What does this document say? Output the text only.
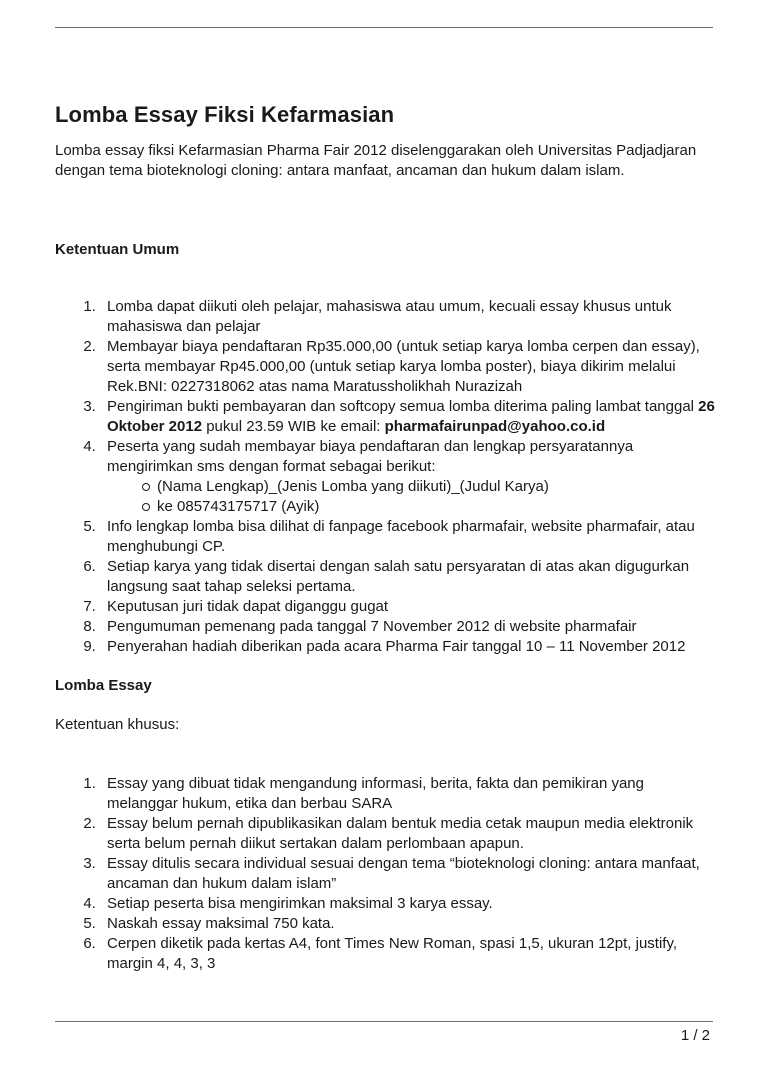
Lomba Essay Fiksi Kefarmasian

Lomba essay fiksi Kefarmasian Pharma Fair 2012 diselenggarakan oleh Universitas Padjadjaran dengan tema bioteknologi cloning: antara manfaat, ancaman dan hukum dalam islam.

Ketentuan Umum
1. Lomba dapat diikuti oleh pelajar, mahasiswa atau umum, kecuali essay khusus untuk mahasiswa dan pelajar
2. Membayar biaya pendaftaran Rp35.000,00 (untuk setiap karya lomba cerpen dan essay), serta membayar Rp45.000,00 (untuk setiap karya lomba poster), biaya dikirim melalui Rek.BNI: 0227318062 atas nama Maratussholikhah Nurazizah
3. Pengiriman bukti pembayaran dan softcopy semua lomba diterima paling lambat tanggal 26 Oktober 2012 pukul 23.59 WIB ke email: pharmafairunpad@yahoo.co.id
4. Peserta yang sudah membayar biaya pendaftaran dan lengkap persyaratannya mengirimkan sms dengan format sebagai berikut:
(Nama Lengkap)_(Jenis Lomba yang diikuti)_(Judul Karya)
ke 085743175717 (Ayik)
5. Info lengkap lomba bisa dilihat di fanpage facebook pharmafair, website pharmafair, atau menghubungi CP.
6. Setiap karya yang tidak disertai dengan salah satu persyaratan di atas akan digugurkan langsung saat tahap seleksi pertama.
7. Keputusan juri tidak dapat diganggu gugat
8. Pengumuman pemenang pada tanggal 7 November 2012 di website pharmafair
9. Penyerahan hadiah diberikan pada acara Pharma Fair tanggal 10 – 11 November 2012
Lomba Essay

Ketentuan khusus:

1. Essay yang dibuat tidak mengandung informasi, berita, fakta dan pemikiran yang melanggar hukum, etika dan berbau SARA
2. Essay belum pernah dipublikasikan dalam bentuk media cetak maupun media elektronik serta belum pernah diikut sertakan dalam perlombaan apapun.
3. Essay ditulis secara individual sesuai dengan tema “bioteknologi cloning: antara manfaat, ancaman dan hukum dalam islam”
4. Setiap peserta bisa mengirimkan maksimal 3 karya essay.
5. Naskah essay maksimal 750 kata.
6. Cerpen diketik pada kertas A4, font Times New Roman, spasi 1,5, ukuran 12pt, justify, margin 4, 4, 3, 3
1 / 2
